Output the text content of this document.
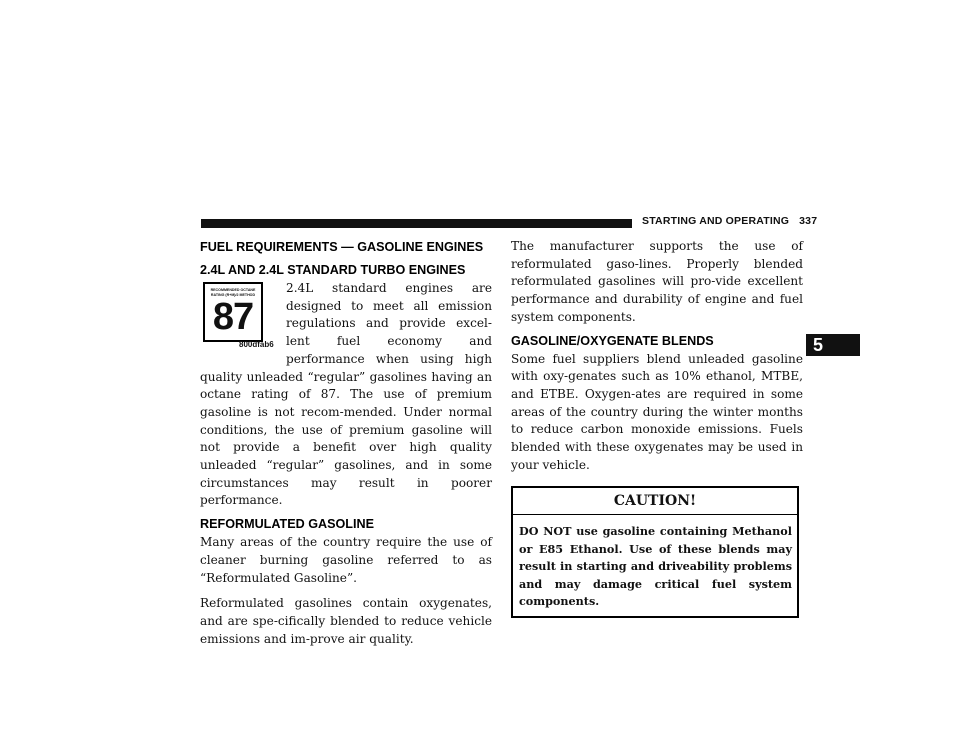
STARTING AND OPERATING 337
5
FUEL REQUIREMENTS — GASOLINE ENGINES
2.4L AND 2.4L STANDARD TURBO ENGINES
RECOMMENDED OCTANE RATING (R+M)/2 METHOD
87
800dfab6

2.4L standard engines are designed to meet all emission regulations and provide excel-lent fuel economy and performance when using high quality unleaded “regular” gasolines having an octane rating of 87. The use of premium gasoline is not recom-mended. Under normal conditions, the use of premium gasoline will not provide a benefit over high quality unleaded “regular” gasolines, and in some circumstances may result in poorer performance.

REFORMULATED GASOLINE

Many areas of the country require the use of cleaner burning gasoline referred to as “Reformulated Gasoline”.

Reformulated gasolines contain oxygenates, and are spe-cifically blended to reduce vehicle emissions and im-prove air quality.

The manufacturer supports the use of reformulated gaso-lines. Properly blended reformulated gasolines will pro-vide excellent performance and durability of engine and fuel system components.

GASOLINE/OXYGENATE BLENDS

Some fuel suppliers blend unleaded gasoline with oxy-genates such as 10% ethanol, MTBE, and ETBE. Oxygen-ates are required in some areas of the country during the winter months to reduce carbon monoxide emissions. Fuels blended with these oxygenates may be used in your vehicle.

CAUTION!
DO NOT use gasoline containing Methanol or E85 Ethanol. Use of these blends may result in starting and driveability problems and may damage critical fuel system components.
